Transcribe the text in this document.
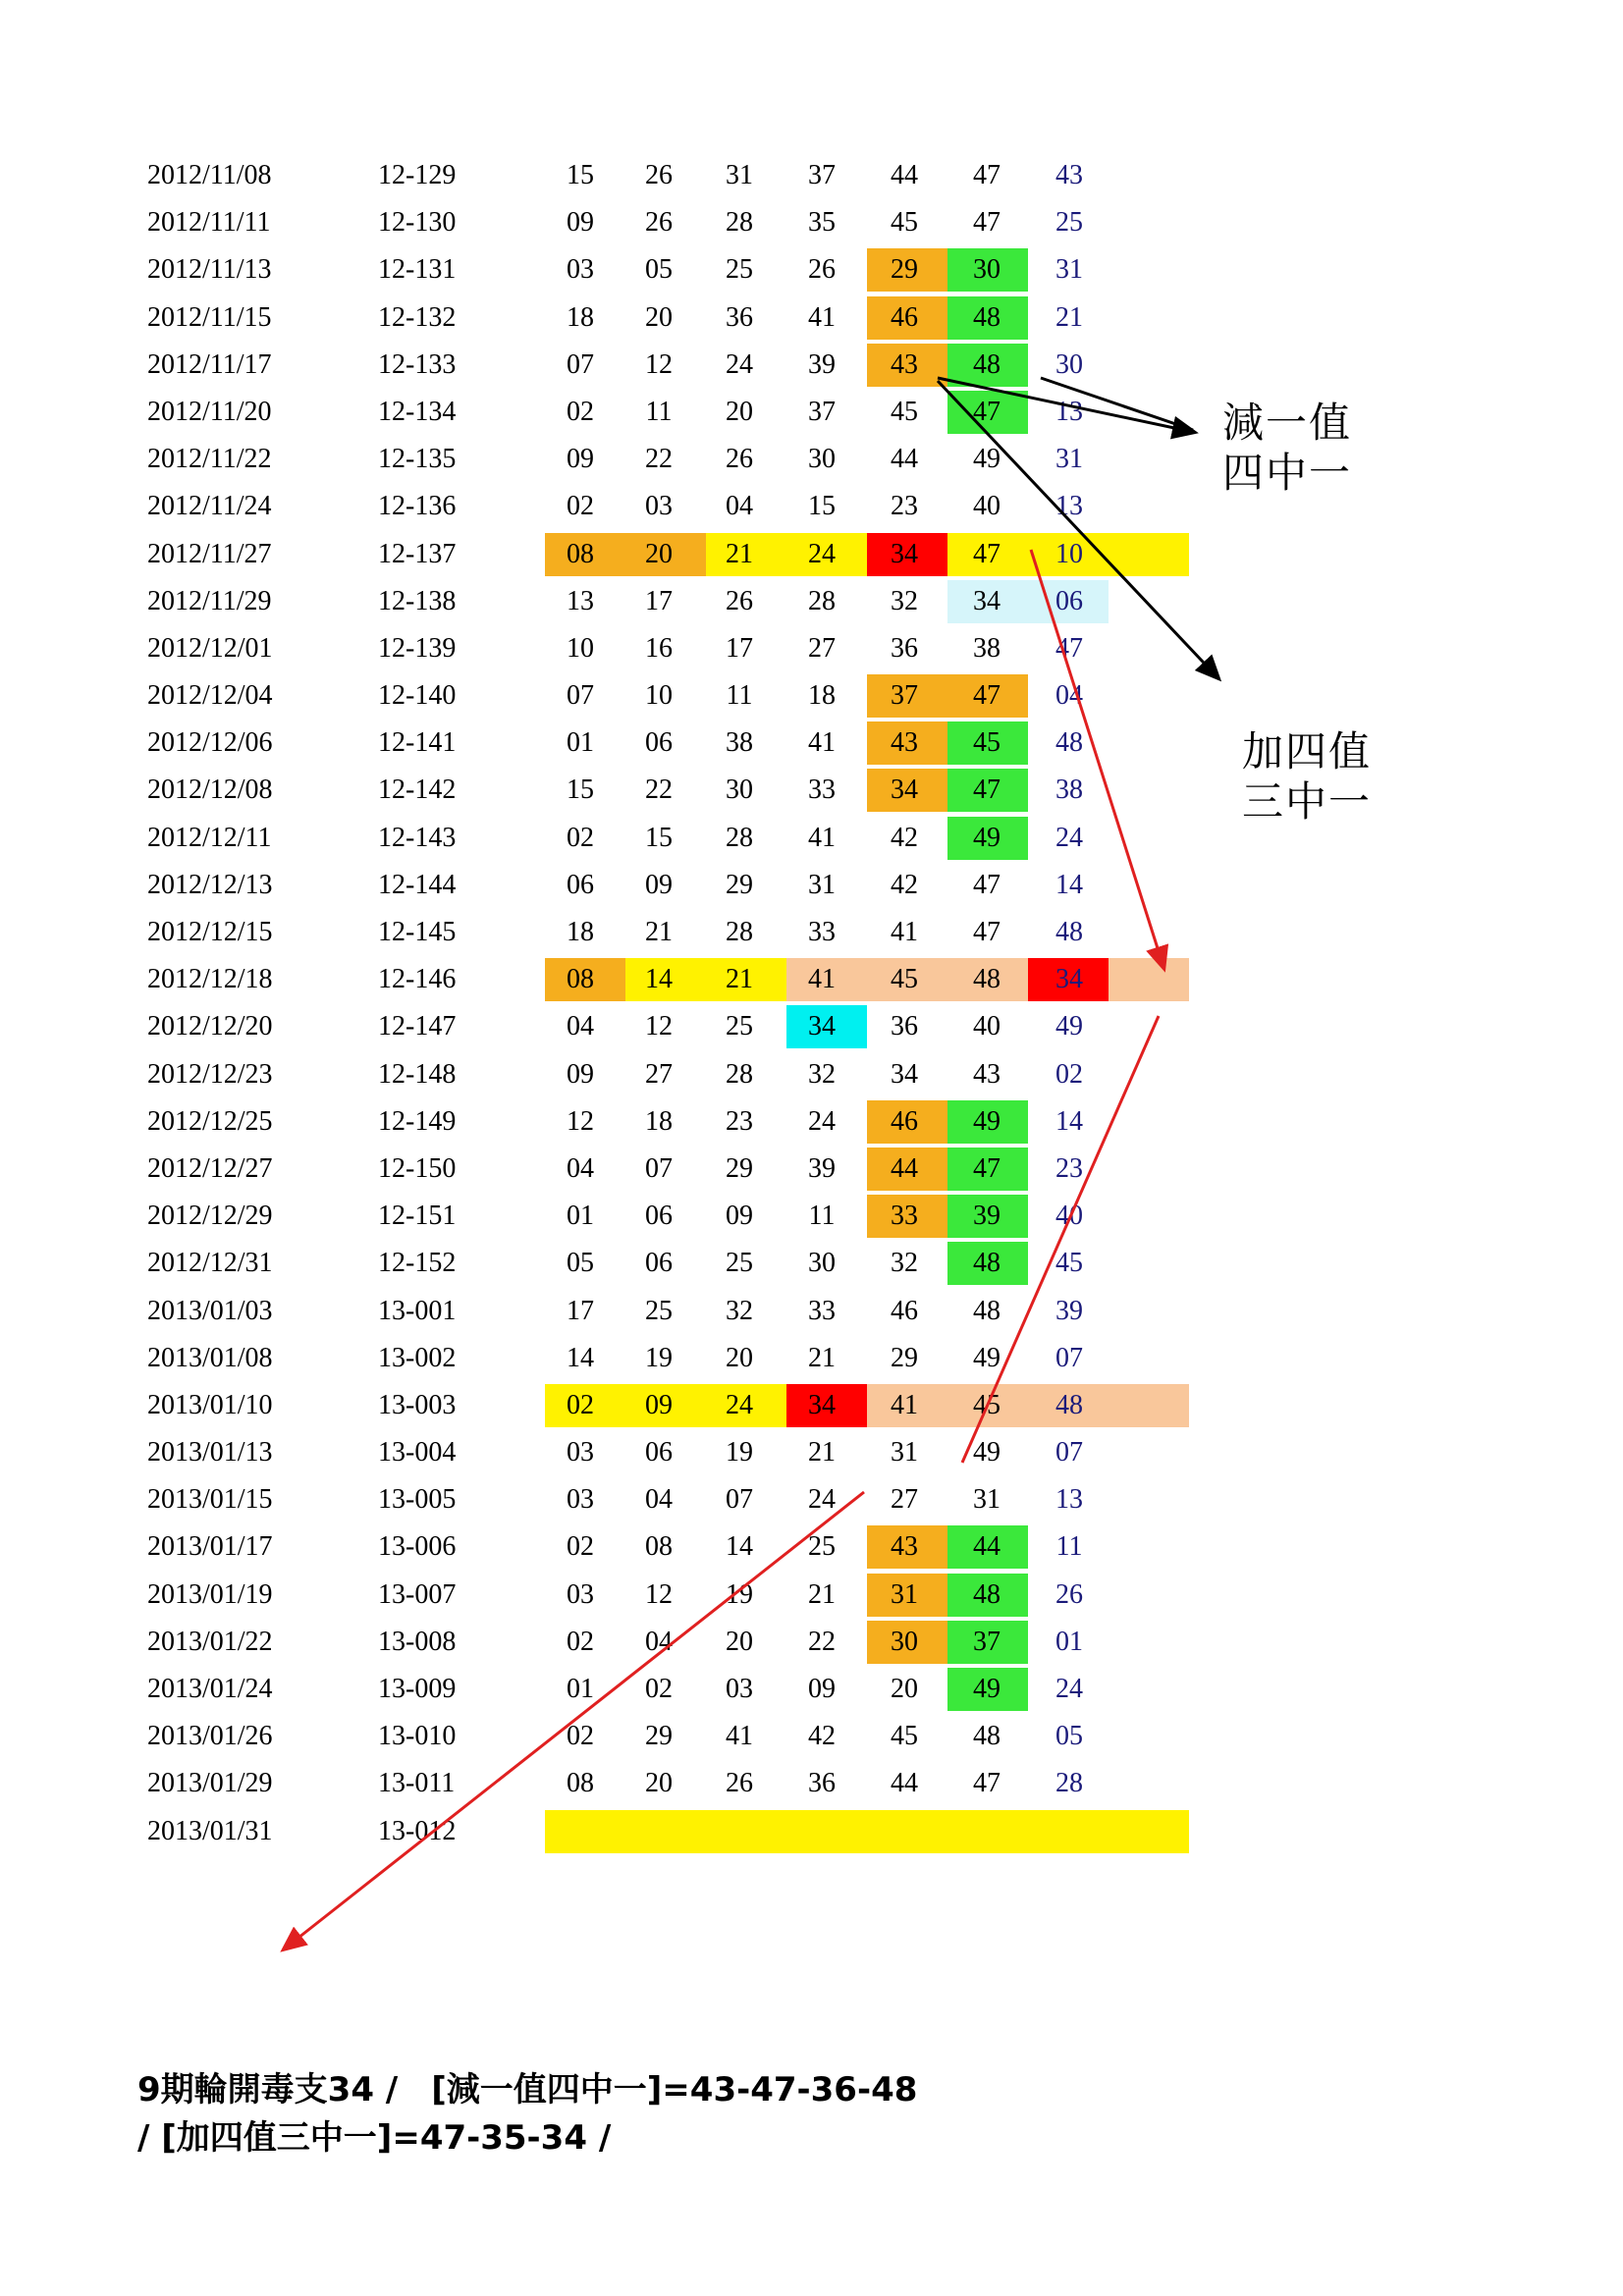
2012/11/08	12-129	15	26	31	37	44	47	43
2012/11/11	12-130	09	26	28	35	45	47	25
2012/11/13	12-131	03	05	25	26	29	30	31
2012/11/15	12-132	18	20	36	41	46	48	21
2012/11/17	12-133	07	12	24	39	43	48	30
2012/11/20	12-134	02	11	20	37	45	47	13
2012/11/22	12-135	09	22	26	30	44	49	31
2012/11/24	12-136	02	03	04	15	23	40	13
2012/11/27	12-137	08	20	21	24	34	47	10
2012/11/29	12-138	13	17	26	28	32	34	06
2012/12/01	12-139	10	16	17	27	36	38	47
2012/12/04	12-140	07	10	11	18	37	47	04
2012/12/06	12-141	01	06	38	41	43	45	48
2012/12/08	12-142	15	22	30	33	34	47	38
2012/12/11	12-143	02	15	28	41	42	49	24
2012/12/13	12-144	06	09	29	31	42	47	14
2012/12/15	12-145	18	21	28	33	41	47	48
2012/12/18	12-146	08	14	21	41	45	48	34
2012/12/20	12-147	04	12	25	34	36	40	49
2012/12/23	12-148	09	27	28	32	34	43	02
2012/12/25	12-149	12	18	23	24	46	49	14
2012/12/27	12-150	04	07	29	39	44	47	23
2012/12/29	12-151	01	06	09	11	33	39	40
2012/12/31	12-152	05	06	25	30	32	48	45
2013/01/03	13-001	17	25	32	33	46	48	39
2013/01/08	13-002	14	19	20	21	29	49	07
2013/01/10	13-003	02	09	24	34	41	45	48
2013/01/13	13-004	03	06	19	21	31	49	07
2013/01/15	13-005	03	04	07	24	27	31	13
2013/01/17	13-006	02	08	14	25	43	44	11
2013/01/19	13-007	03	12	19	21	31	48	26
2013/01/22	13-008	02	04	20	22	30	37	01
2013/01/24	13-009	01	02	03	09	20	49	24
2013/01/26	13-010	02	29	41	42	45	48	05
2013/01/29	13-011	08	20	26	36	44	47	28
2013/01/31	13-012
減一值
四中一
加四值
三中一
9期輪開毒支34 /　[減一值四中一]=43-47-36-48
/ [加四值三中一]=47-35-34 /
